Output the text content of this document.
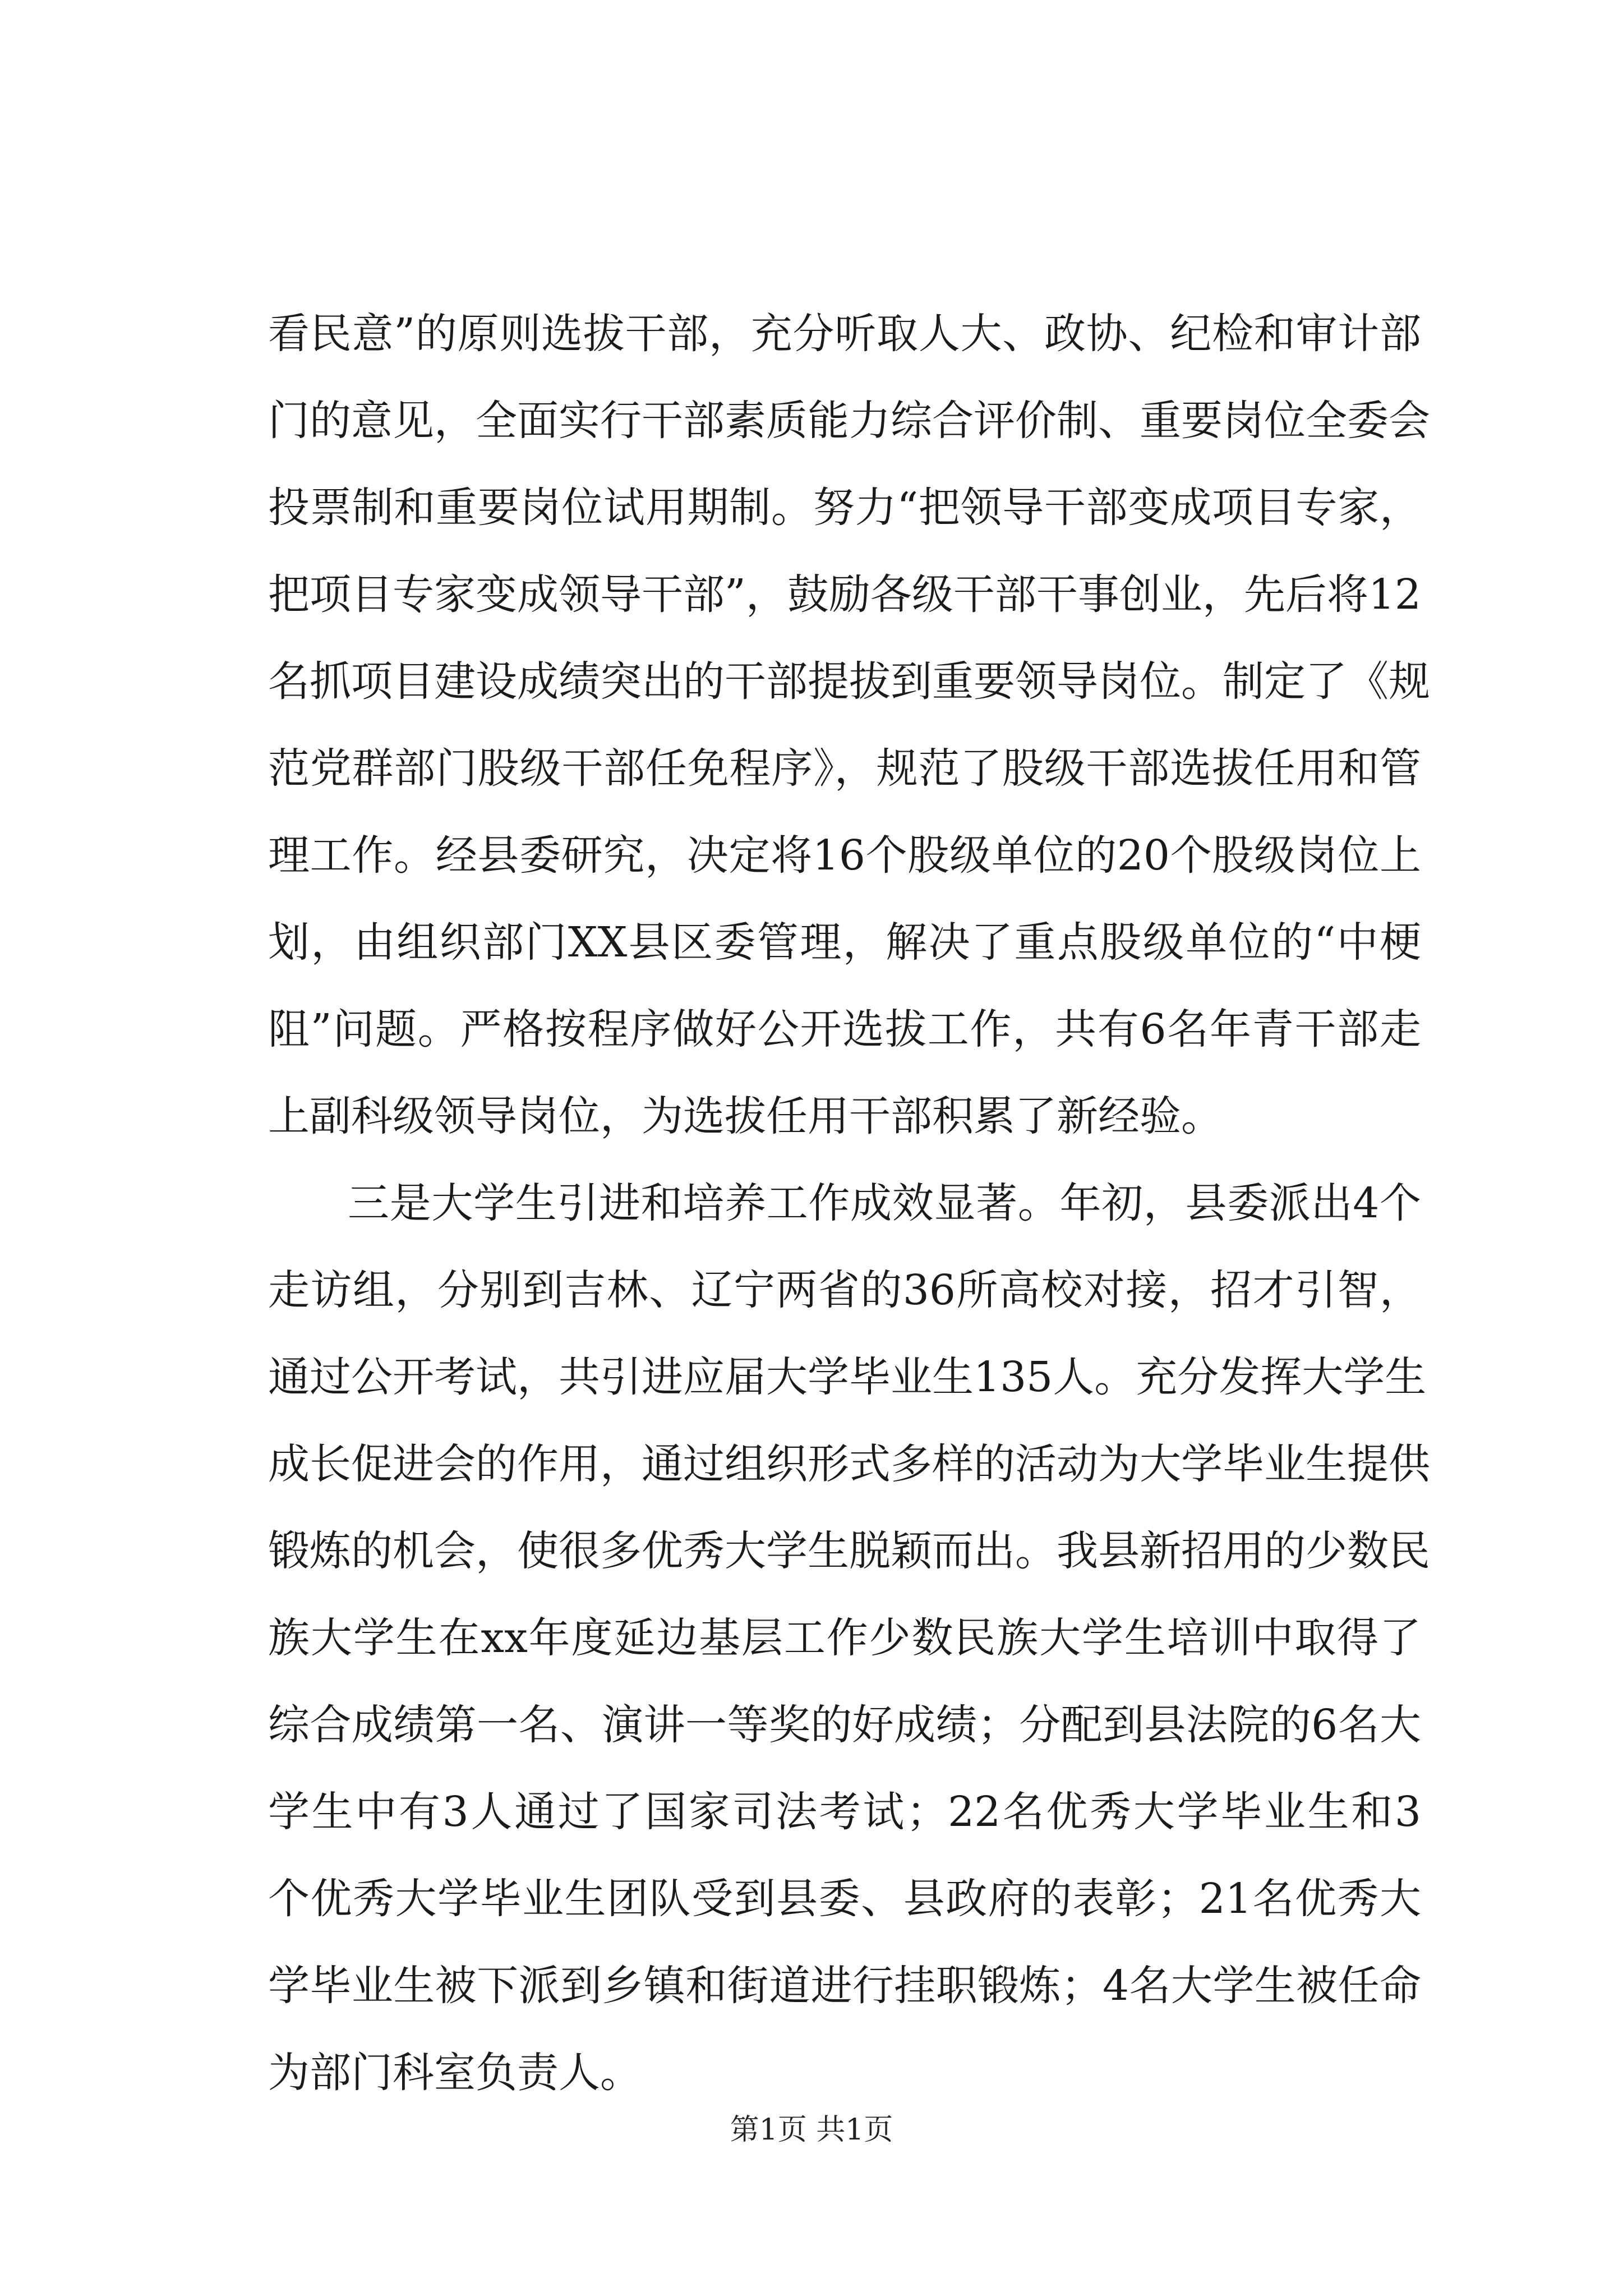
看民意”的原则选拔干部，充分听取人大、政协、纪检和审计部
门的意见，全面实行干部素质能力综合评价制、重要岗位全委会
投票制和重要岗位试用期制。努力“把领导干部变成项目专家，
把项目专家变成领导干部”，鼓励各级干部干事创业，先后将12
名抓项目建设成绩突出的干部提拔到重要领导岗位。制定了《规
范党群部门股级干部任免程序》，规范了股级干部选拔任用和管
理工作。经县委研究，决定将16个股级单位的20个股级岗位上
划，由组织部门XX县区委管理，解决了重点股级单位的“中梗
阻”问题。严格按程序做好公开选拔工作，共有6名年青干部走
上副科级领导岗位，为选拔任用干部积累了新经验。
三是大学生引进和培养工作成效显著。年初，县委派出4个
走访组，分别到吉林、辽宁两省的36所高校对接，招才引智，
通过公开考试，共引进应届大学毕业生135人。充分发挥大学生
成长促进会的作用，通过组织形式多样的活动为大学毕业生提供
锻炼的机会，使很多优秀大学生脱颖而出。我县新招用的少数民
族大学生在xx年度延边基层工作少数民族大学生培训中取得了
综合成绩第一名、演讲一等奖的好成绩；分配到县法院的6名大
学生中有3人通过了国家司法考试；22名优秀大学毕业生和3
个优秀大学毕业生团队受到县委、县政府的表彰；21名优秀大
学毕业生被下派到乡镇和街道进行挂职锻炼；4名大学生被任命
为部门科室负责人。
第1页 共1页
